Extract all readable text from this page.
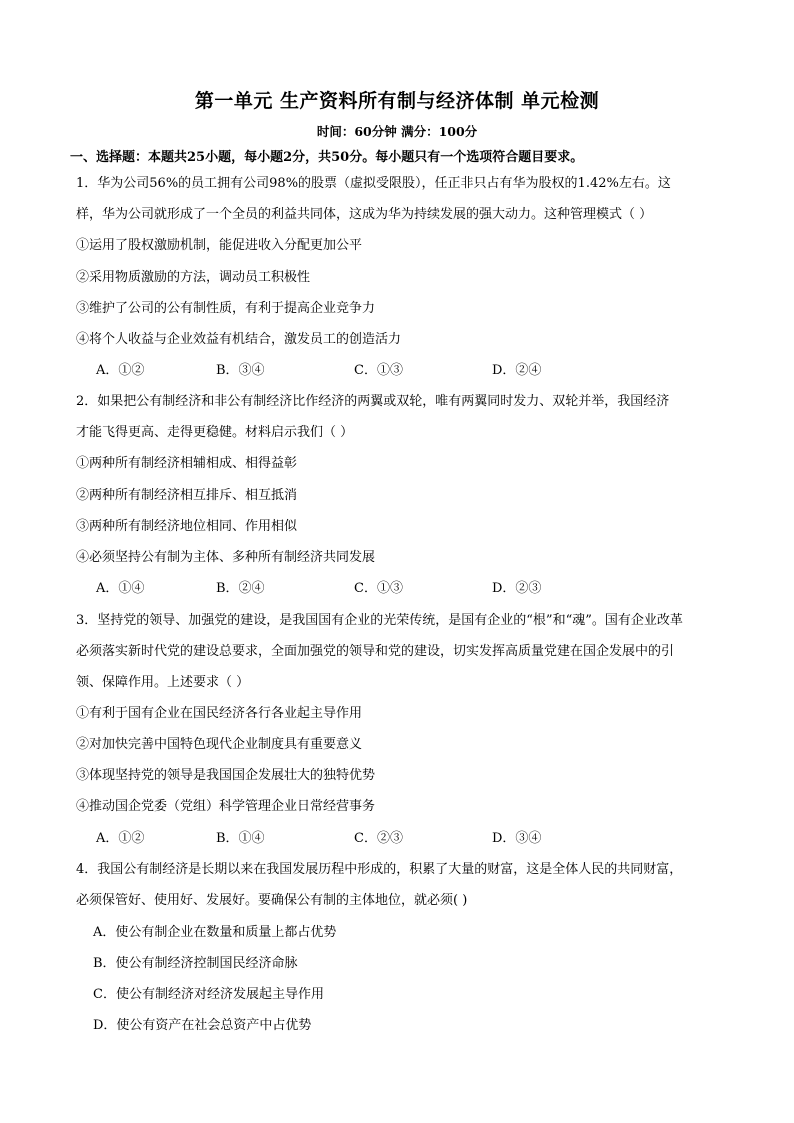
第一单元 生产资料所有制与经济体制 单元检测
时间：60分钟 满分：100分
一、选择题：本题共25小题，每小题2分，共50分。每小题只有一个选项符合题目要求。
1．华为公司56%的员工拥有公司98%的股票（虚拟受限股），任正非只占有华为股权的1.42%左右。这
样，华为公司就形成了一个全员的利益共同体，这成为华为持续发展的强大动力。这种管理模式（ ）
①运用了股权激励机制，能促进收入分配更加公平
②采用物质激励的方法，调动员工积极性
③维护了公司的公有制性质，有利于提高企业竞争力
④将个人收益与企业效益有机结合，激发员工的创造活力
A．①②	B．③④	C．①③	D．②④
2．如果把公有制经济和非公有制经济比作经济的两翼或双轮，唯有两翼同时发力、双轮并举，我国经济
才能飞得更高、走得更稳健。材料启示我们（ ）
①两种所有制经济相辅相成、相得益彰
②两种所有制经济相互排斥、相互抵消
③两种所有制经济地位相同、作用相似
④必须坚持公有制为主体、多种所有制经济共同发展
A．①④	B．②④	C．①③	D．②③
3．坚持党的领导、加强党的建设，是我国国有企业的光荣传统，是国有企业的“根”和“魂”。国有企业改革
必须落实新时代党的建设总要求，全面加强党的领导和党的建设，切实发挥高质量党建在国企发展中的引
领、保障作用。上述要求（ ）
①有利于国有企业在国民经济各行各业起主导作用
②对加快完善中国特色现代企业制度具有重要意义
③体现坚持党的领导是我国国企发展壮大的独特优势
④推动国企党委（党组）科学管理企业日常经营事务
A．①②	B．①④	C．②③	D．③④
4．我国公有制经济是长期以来在我国发展历程中形成的，积累了大量的财富，这是全体人民的共同财富，
必须保管好、使用好、发展好。要确保公有制的主体地位，就必须( )
A．使公有制企业在数量和质量上都占优势
B．使公有制经济控制国民经济命脉
C．使公有制经济对经济发展起主导作用
D．使公有资产在社会总资产中占优势
